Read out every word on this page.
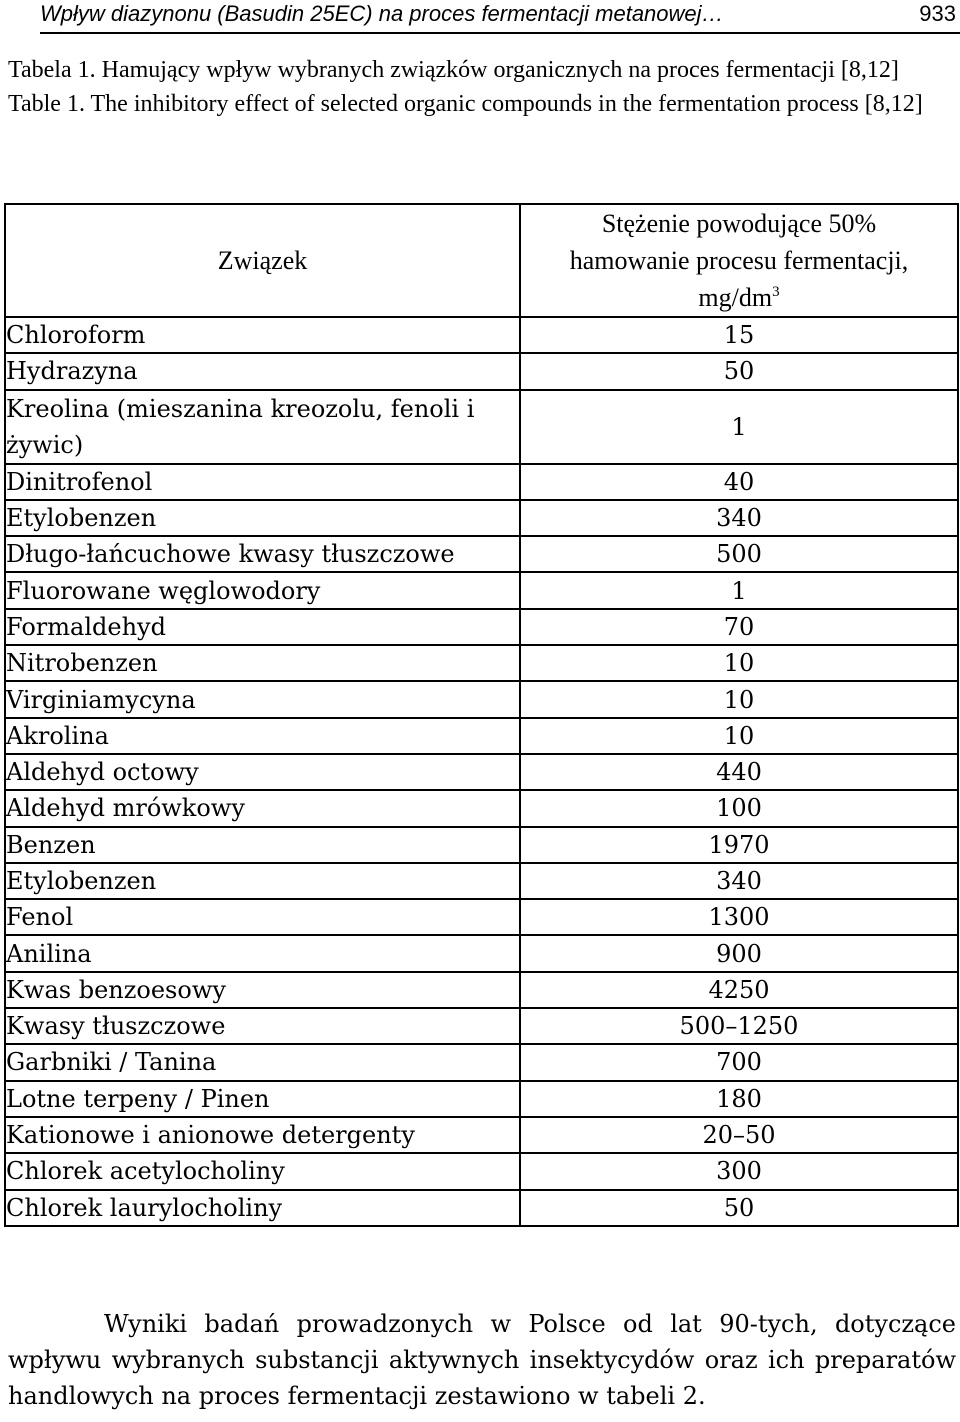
Wpływ diazynonu (Basudin 25EC) na proces fermentacji metanowej…	933

Tabela 1. Hamujący wpływ wybranych związków organicznych na proces fermentacji [8,12]

Table 1. The inhibitory effect of selected organic compounds in the fermentation process [8,12]

Związek	Stężenie powodujące 50%
hamowanie procesu fermentacji,
$mg/dm^3$
Chloroform	15
Hydrazyna	50
Kreolina (mieszanina kreozolu, fenoli i żywic)	1
Dinitrofenol	40
Etylobenzen	340
Długo-łańcuchowe kwasy tłuszczowe	500
Fluorowane węglowodory	1
Formaldehyd	70
Nitrobenzen	10
Virginiamycyna	10
Akrolina	10
Aldehyd octowy	440
Aldehyd mrówkowy	100
Benzen	1970
Etylobenzen	340
Fenol	1300
Anilina	900
Kwas benzoesowy	4250
Kwasy tłuszczowe	500–1250
Garbniki / Tanina	700
Lotne terpeny / Pinen	180
Kationowe i anionowe detergenty	20–50
Chlorek acetylocholiny	300
Chlorek laurylocholiny	50

Wyniki badań prowadzonych w Polsce od lat 90-tych, dotyczące wpływu wybranych substancji aktywnych insektycydów oraz ich preparatów handlowych na proces fermentacji zestawiono w tabeli 2.
